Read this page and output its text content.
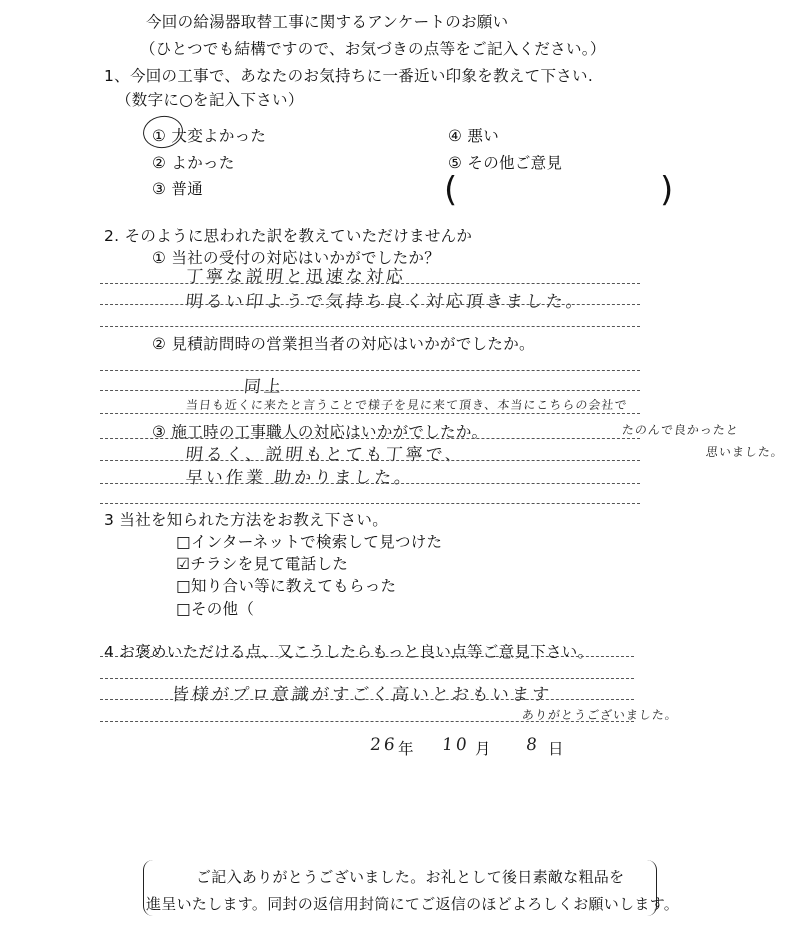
今回の給湯器取替工事に関するアンケートのお願い
（ひとつでも結構ですので、お気づきの点等をご記入ください。）
1、今回の工事で、あなたのお気持ちに一番近い印象を教えて下さい.
（数字に○を記入下さい）
① 大変よかった
② よかった
③ 普通
④ 悪い
⑤ その他ご意見
(	)
2. そのように思われた訳を教えていただけませんか
① 当社の受付の対応はいかがでしたか？
丁寧な説明と迅速な対応
明るい印ようで気持ち良く対応頂きました。
② 見積訪問時の営業担当者の対応はいかがでしたか。
同上
当日も近くに来たと言うことで様子を見に来て頂き、本当にこちらの会社で
たのんで良かったと
思いました。
③ 施工時の工事職人の対応はいかがでしたか。
明るく、説明もとても丁寧で、
早い作業 助かりました。
3 当社を知られた方法をお教え下さい。
□インターネットで検索して見つけた
☑チラシを見て電話した
□知り合い等に教えてもらった
□その他（
4 お褒めいただける点、又こうしたらもっと良い点等ご意見下さい。
皆様がプロ意識がすごく高いとおもいます
ありがとうございました。
26 年 10 月 8 日
ご記入ありがとうございました。お礼として後日素敵な粗品を
進呈いたします。同封の返信用封筒にてご返信のほどよろしくお願いします。
